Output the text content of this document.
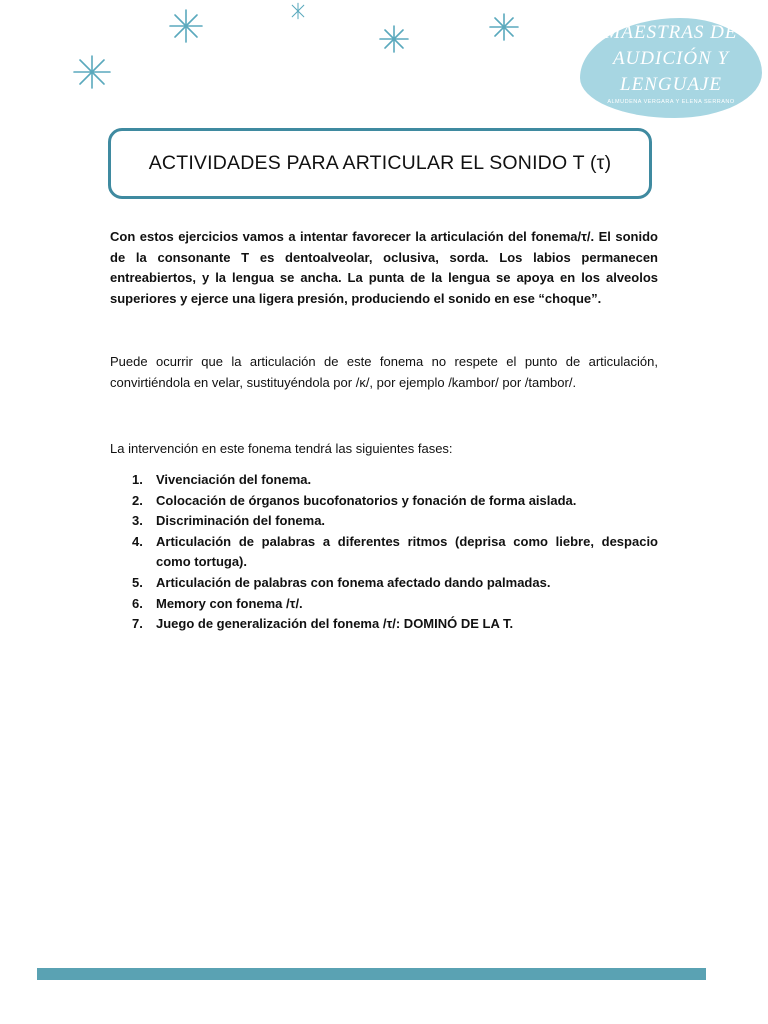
MAESTRAS DE
AUDICIÓN Y
LENGUAJE
ALMUDENA VERGARA Y ELENA SERRANO
ACTIVIDADES PARA ARTICULAR EL SONIDO T (τ)
Con estos ejercicios vamos a intentar favorecer la articulación del fonema/τ/. El sonido de la consonante T es dentoalveolar, oclusiva, sorda. Los labios permanecen entreabiertos, y la lengua se ancha. La punta de la lengua se apoya en los alveolos superiores y ejerce una ligera presión, produciendo el sonido en ese “choque”.
Puede ocurrir que la articulación de este fonema no respete el punto de articulación, convirtiéndola en velar, sustituyéndola por /κ/, por ejemplo /kambor/ por /tambor/.
La intervención en este fonema tendrá las siguientes fases:
1.	Vivenciación del fonema.
2.	Colocación de órganos bucofonatorios y fonación de forma aislada.
3.	Discriminación del fonema.
4.	Articulación de palabras a diferentes ritmos (deprisa como liebre, despacio como tortuga).
5.	Articulación de palabras con fonema afectado dando palmadas.
6.	Memory con fonema /τ/.
7.	Juego de generalización del fonema /τ/: DOMINÓ DE LA T.
